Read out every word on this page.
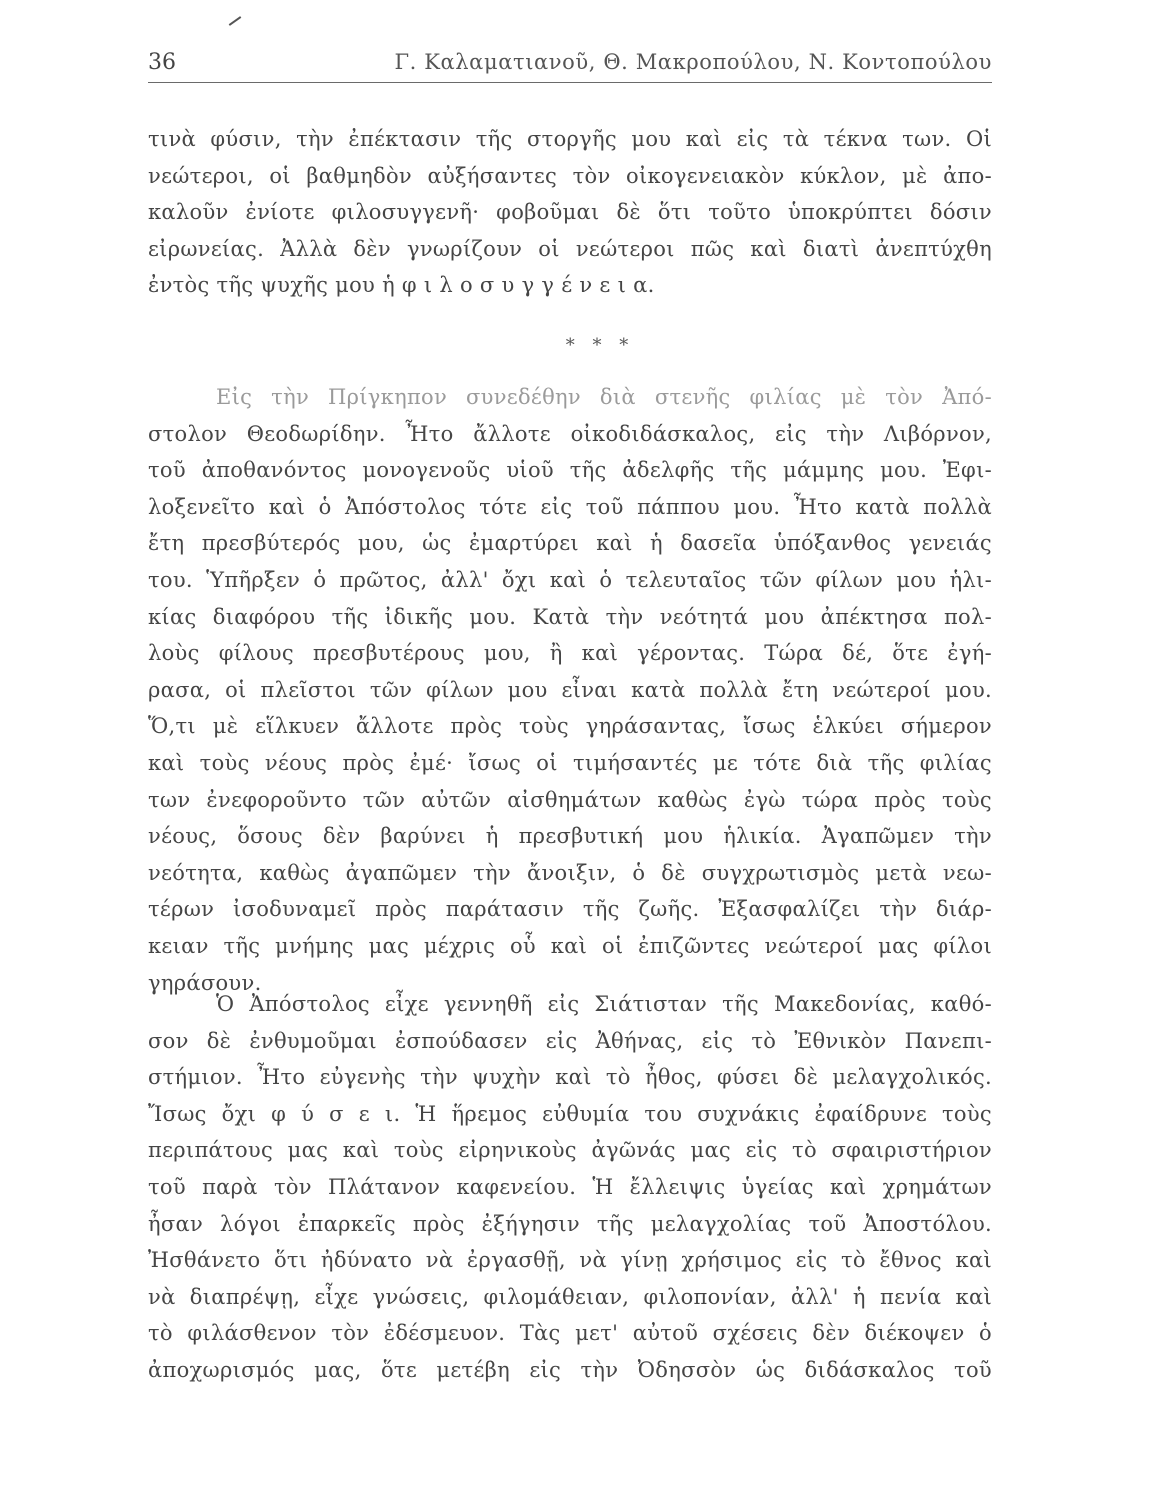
36	Γ. Καλαματιανοῦ, Θ. Μακροπούλου, Ν. Κοντοπούλου
τινὰ φύσιν, τὴν ἐπέκτασιν τῆς στοργῆς μου καὶ εἰς τὰ τέκνα των. Οἱ
νεώτεροι, οἱ βαθμηδὸν αὐξήσαντες τὸν οἰκογενειακὸν κύκλον, μὲ ἀπο-
καλοῦν ἐνίοτε φιλοσυγγενῆ· φοβοῦμαι δὲ ὅτι τοῦτο ὑποκρύπτει δόσιν
εἰρωνείας. Ἀλλὰ δὲν γνωρίζουν οἱ νεώτεροι πῶς καὶ διατὶ ἀνεπτύχθη
ἐντὸς τῆς ψυχῆς μου ἡ φ ι λ ο σ υ γ γ έ ν ε ι α.
* * *
Εἰς τὴν Πρίγκηπον συνεδέθην διὰ στενῆς φιλίας μὲ τὸν Ἀπό-
στολον Θεοδωρίδην. Ἦτο ἄλλοτε οἰκοδιδάσκαλος, εἰς τὴν Λιβόρνον,
τοῦ ἀποθανόντος μονογενοῦς υἱοῦ τῆς ἀδελφῆς τῆς μάμμης μου. Ἐφι-
λοξενεῖτο καὶ ὁ Ἀπόστολος τότε εἰς τοῦ πάππου μου. Ἦτο κατὰ πολλὰ
ἔτη πρεσβύτερός μου, ὡς ἐμαρτύρει καὶ ἡ δασεῖα ὑπόξανθος γενειάς
του. Ὑπῆρξεν ὁ πρῶτος, ἀλλ' ὄχι καὶ ὁ τελευταῖος τῶν φίλων μου ἡλι-
κίας διαφόρου τῆς ἰδικῆς μου. Κατὰ τὴν νεότητά μου ἀπέκτησα πολ-
λοὺς φίλους πρεσβυτέρους μου, ἢ καὶ γέροντας. Τώρα δέ, ὅτε ἐγή-
ρασα, οἱ πλεῖστοι τῶν φίλων μου εἶναι κατὰ πολλὰ ἔτη νεώτεροί μου.
Ὅ,τι μὲ εἵλκυεν ἄλλοτε πρὸς τοὺς γηράσαντας, ἴσως ἑλκύει σήμερον
καὶ τοὺς νέους πρὸς ἐμέ· ἴσως οἱ τιμήσαντές με τότε διὰ τῆς φιλίας
των ἐνεφοροῦντο τῶν αὐτῶν αἰσθημάτων καθὼς ἐγὼ τώρα πρὸς τοὺς
νέους, ὅσους δὲν βαρύνει ἡ πρεσβυτική μου ἡλικία. Ἀγαπῶμεν τὴν
νεότητα, καθὼς ἀγαπῶμεν τὴν ἄνοιξιν, ὁ δὲ συγχρωτισμὸς μετὰ νεω-
τέρων ἰσοδυναμεῖ πρὸς παράτασιν τῆς ζωῆς. Ἐξασφαλίζει τὴν διάρ-
κειαν τῆς μνήμης μας μέχρις οὗ καὶ οἱ ἐπιζῶντες νεώτεροί μας φίλοι
γηράσουν.
Ὁ Ἀπόστολος εἶχε γεννηθῆ εἰς Σιάτισταν τῆς Μακεδονίας, καθό-
σον δὲ ἐνθυμοῦμαι ἐσπούδασεν εἰς Ἀθήνας, εἰς τὸ Ἐθνικὸν Πανεπι-
στήμιον. Ἦτο εὐγενὴς τὴν ψυχὴν καὶ τὸ ἦθος, φύσει δὲ μελαγχολικός.
Ἴσως ὄχι φ ύ σ ε ι. Ἡ ἥρεμος εὐθυμία του συχνάκις ἐφαίδρυνε τοὺς
περιπάτους μας καὶ τοὺς εἰρηνικοὺς ἀγῶνάς μας εἰς τὸ σφαιριστήριον
τοῦ παρὰ τὸν Πλάτανον καφενείου. Ἡ ἔλλειψις ὑγείας καὶ χρημάτων
ἦσαν λόγοι ἐπαρκεῖς πρὸς ἐξήγησιν τῆς μελαγχολίας τοῦ Ἀποστόλου.
Ἠσθάνετο ὅτι ἠδύνατο νὰ ἐργασθῇ, νὰ γίνῃ χρήσιμος εἰς τὸ ἔθνος καὶ
νὰ διαπρέψῃ, εἶχε γνώσεις, φιλομάθειαν, φιλοπονίαν, ἀλλ' ἡ πενία καὶ
τὸ φιλάσθενον τὸν ἐδέσμευον. Τὰς μετ' αὐτοῦ σχέσεις δὲν διέκοψεν ὁ
ἀποχωρισμός μας, ὅτε μετέβη εἰς τὴν Ὀδησσὸν ὡς διδάσκαλος τοῦ
